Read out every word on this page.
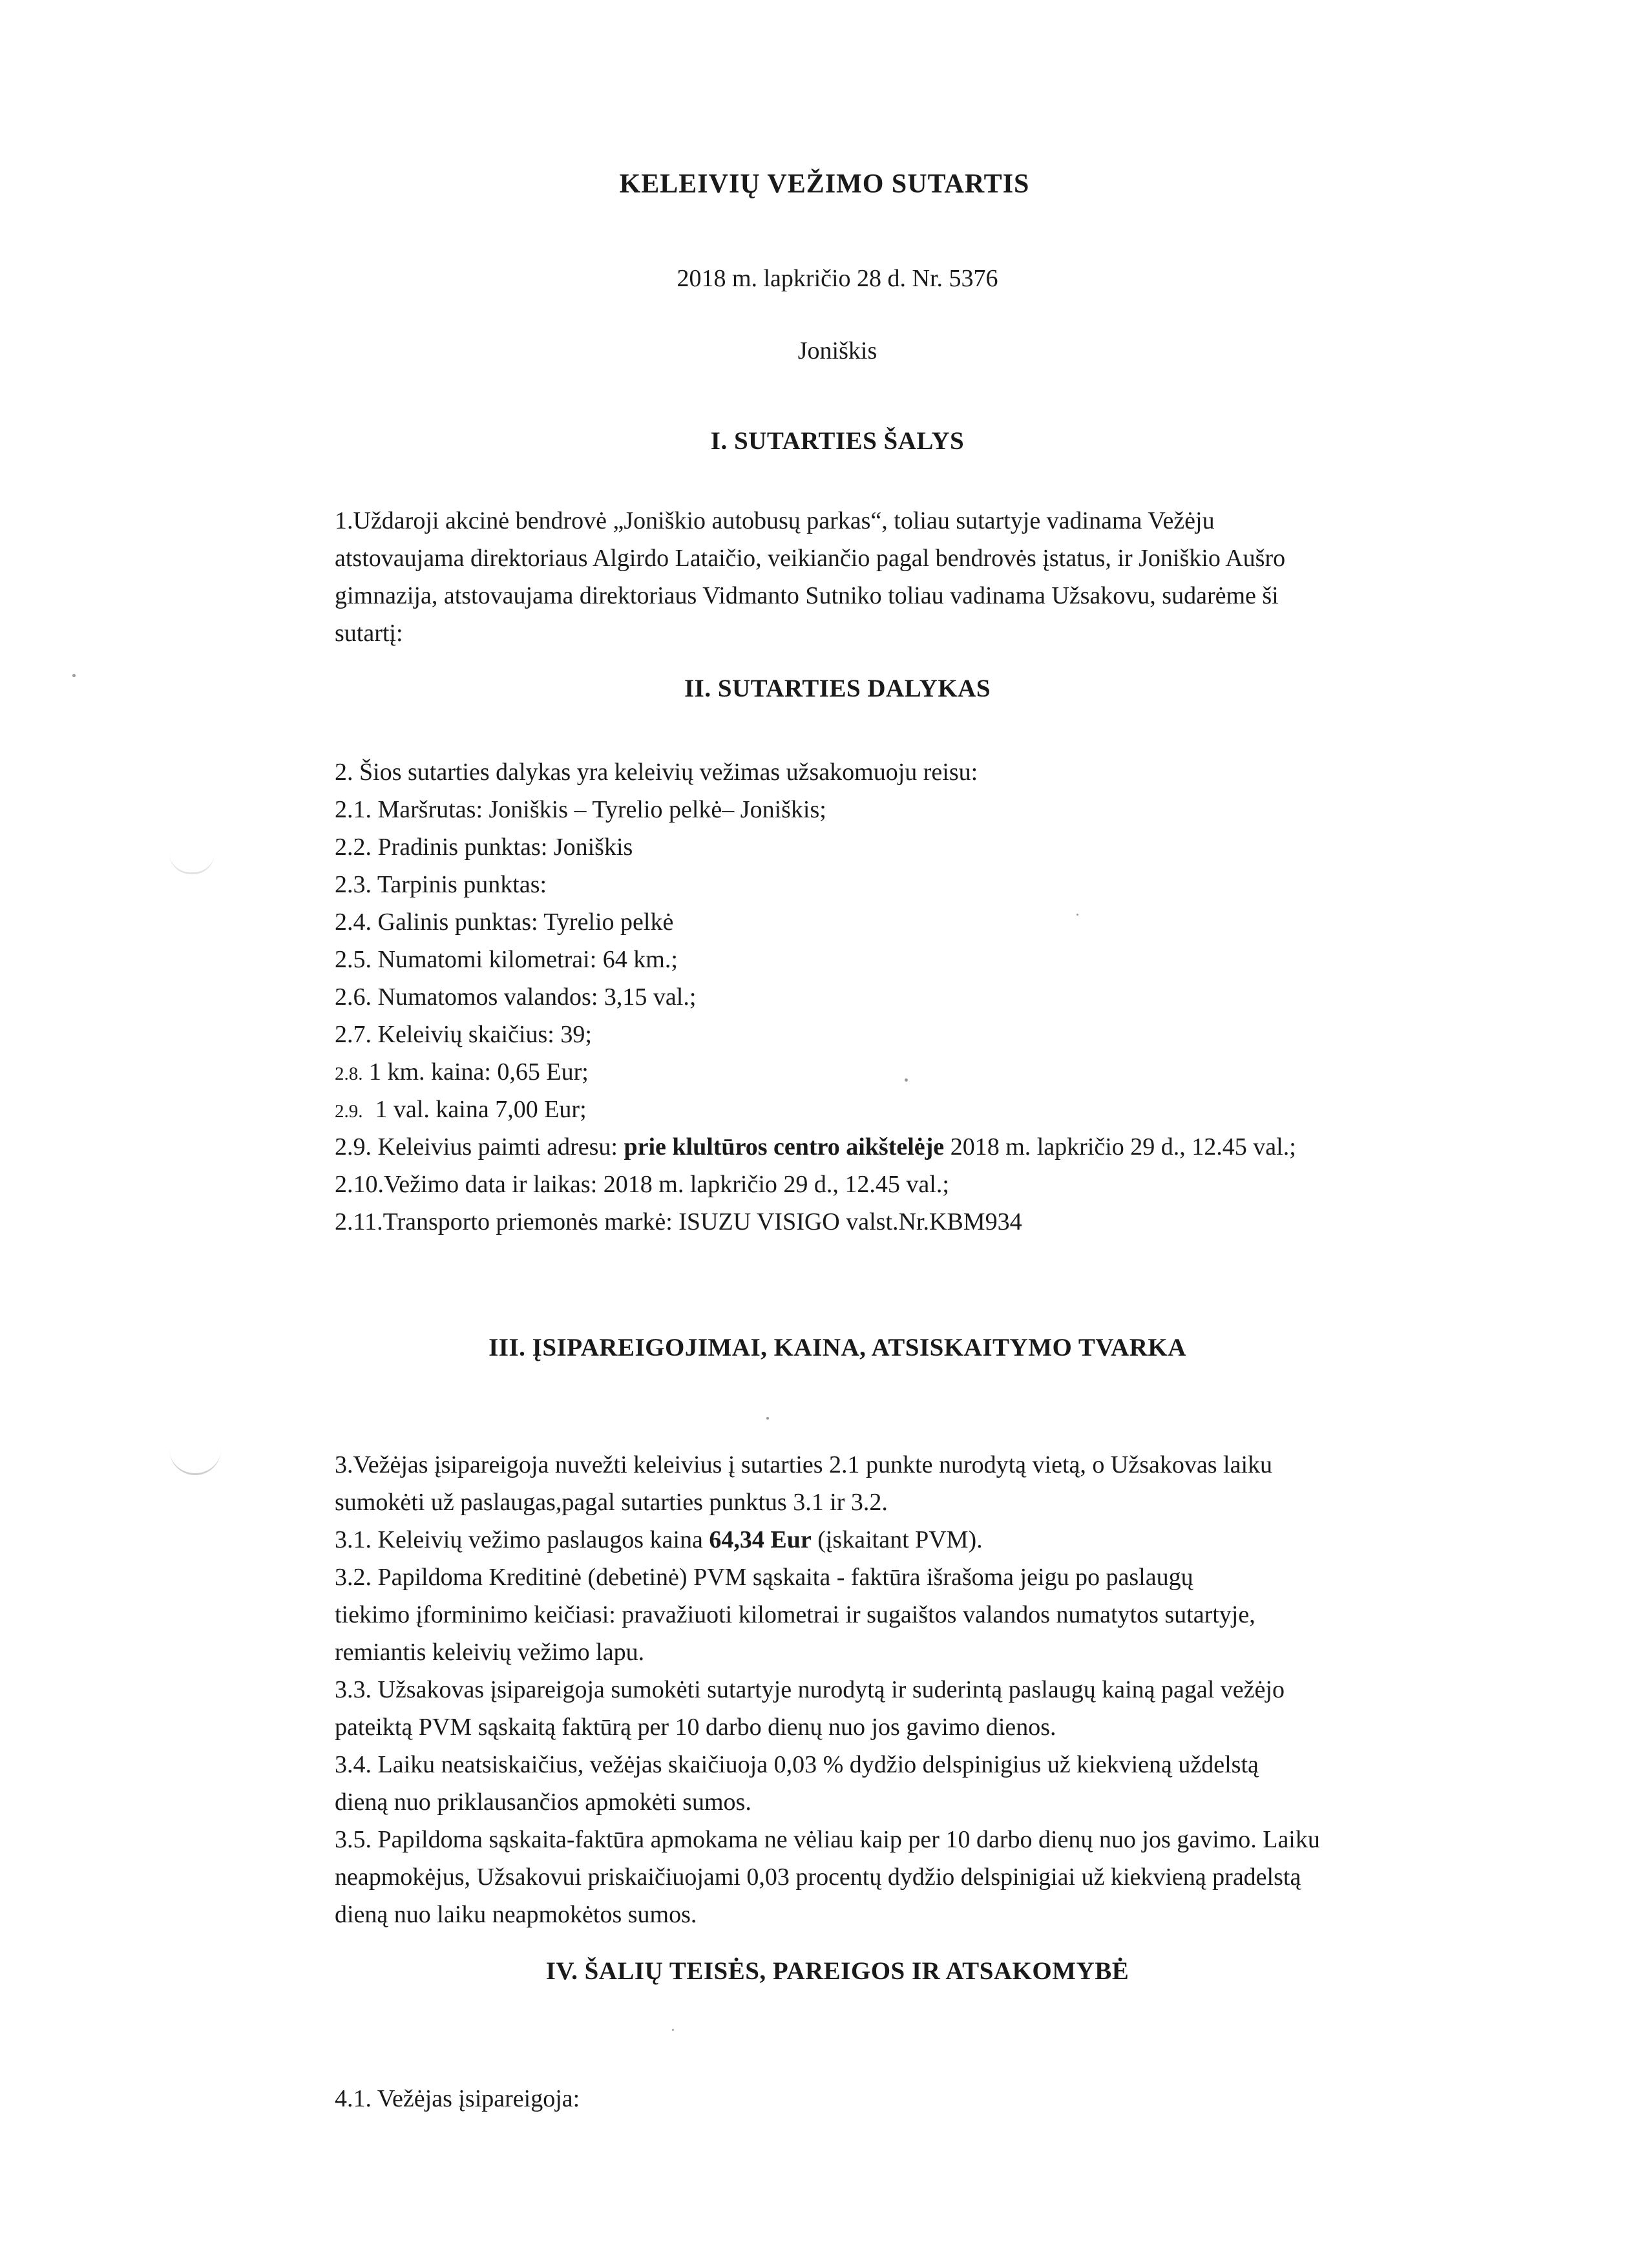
KELEIVIŲ VEŽIMO SUTARTIS
2018 m. lapkričio 28 d. Nr. 5376
Joniškis
I. SUTARTIES ŠALYS
1.Uždaroji akcinė bendrovė „Joniškio autobusų parkas“, toliau sutartyje vadinama Vežėju
atstovaujama direktoriaus Algirdo Lataičio, veikiančio pagal bendrovės įstatus, ir Joniškio Aušro
gimnazija, atstovaujama direktoriaus Vidmanto Sutniko toliau vadinama Užsakovu, sudarėme ši
sutartį:
II. SUTARTIES DALYKAS
2. Šios sutarties dalykas yra keleivių vežimas užsakomuoju reisu:
2.1. Maršrutas: Joniškis – Tyrelio pelkė– Joniškis;
2.2. Pradinis punktas: Joniškis
2.3. Tarpinis punktas:
2.4. Galinis punktas: Tyrelio pelkė
2.5. Numatomi kilometrai: 64 km.;
2.6. Numatomos valandos: 3,15 val.;
2.7. Keleivių skaičius: 39;
2.8. 1 km. kaina: 0,65 Eur;
2.9. 1 val. kaina 7,00 Eur;
2.9. Keleivius paimti adresu: prie klultūros centro aikštelėje 2018 m. lapkričio 29 d., 12.45 val.;
2.10.Vežimo data ir laikas: 2018 m. lapkričio 29 d., 12.45 val.;
2.11.Transporto priemonės markė: ISUZU VISIGO valst.Nr.KBM934
III. ĮSIPAREIGOJIMAI, KAINA, ATSISKAITYMO TVARKA
3.Vežėjas įsipareigoja nuvežti keleivius į sutarties 2.1 punkte nurodytą vietą, o Užsakovas laiku
sumokėti už paslaugas,pagal sutarties punktus 3.1 ir 3.2.
3.1. Keleivių vežimo paslaugos kaina 64,34 Eur (įskaitant PVM).
3.2. Papildoma Kreditinė (debetinė) PVM sąskaita - faktūra išrašoma jeigu po paslaugų
tiekimo įforminimo keičiasi: pravažiuoti kilometrai ir sugaištos valandos numatytos sutartyje,
remiantis keleivių vežimo lapu.
3.3. Užsakovas įsipareigoja sumokėti sutartyje nurodytą ir suderintą paslaugų kainą pagal vežėjo
pateiktą PVM sąskaitą faktūrą per 10 darbo dienų nuo jos gavimo dienos.
3.4. Laiku neatsiskaičius, vežėjas skaičiuoja 0,03 % dydžio delspinigius už kiekvieną uždelstą
dieną nuo priklausančios apmokėti sumos.
3.5. Papildoma sąskaita-faktūra apmokama ne vėliau kaip per 10 darbo dienų nuo jos gavimo. Laiku
neapmokėjus, Užsakovui priskaičiuojami 0,03 procentų dydžio delspinigiai už kiekvieną pradelstą
dieną nuo laiku neapmokėtos sumos.
IV. ŠALIŲ TEISĖS, PAREIGOS IR ATSAKOMYBĖ
4.1. Vežėjas įsipareigoja:
